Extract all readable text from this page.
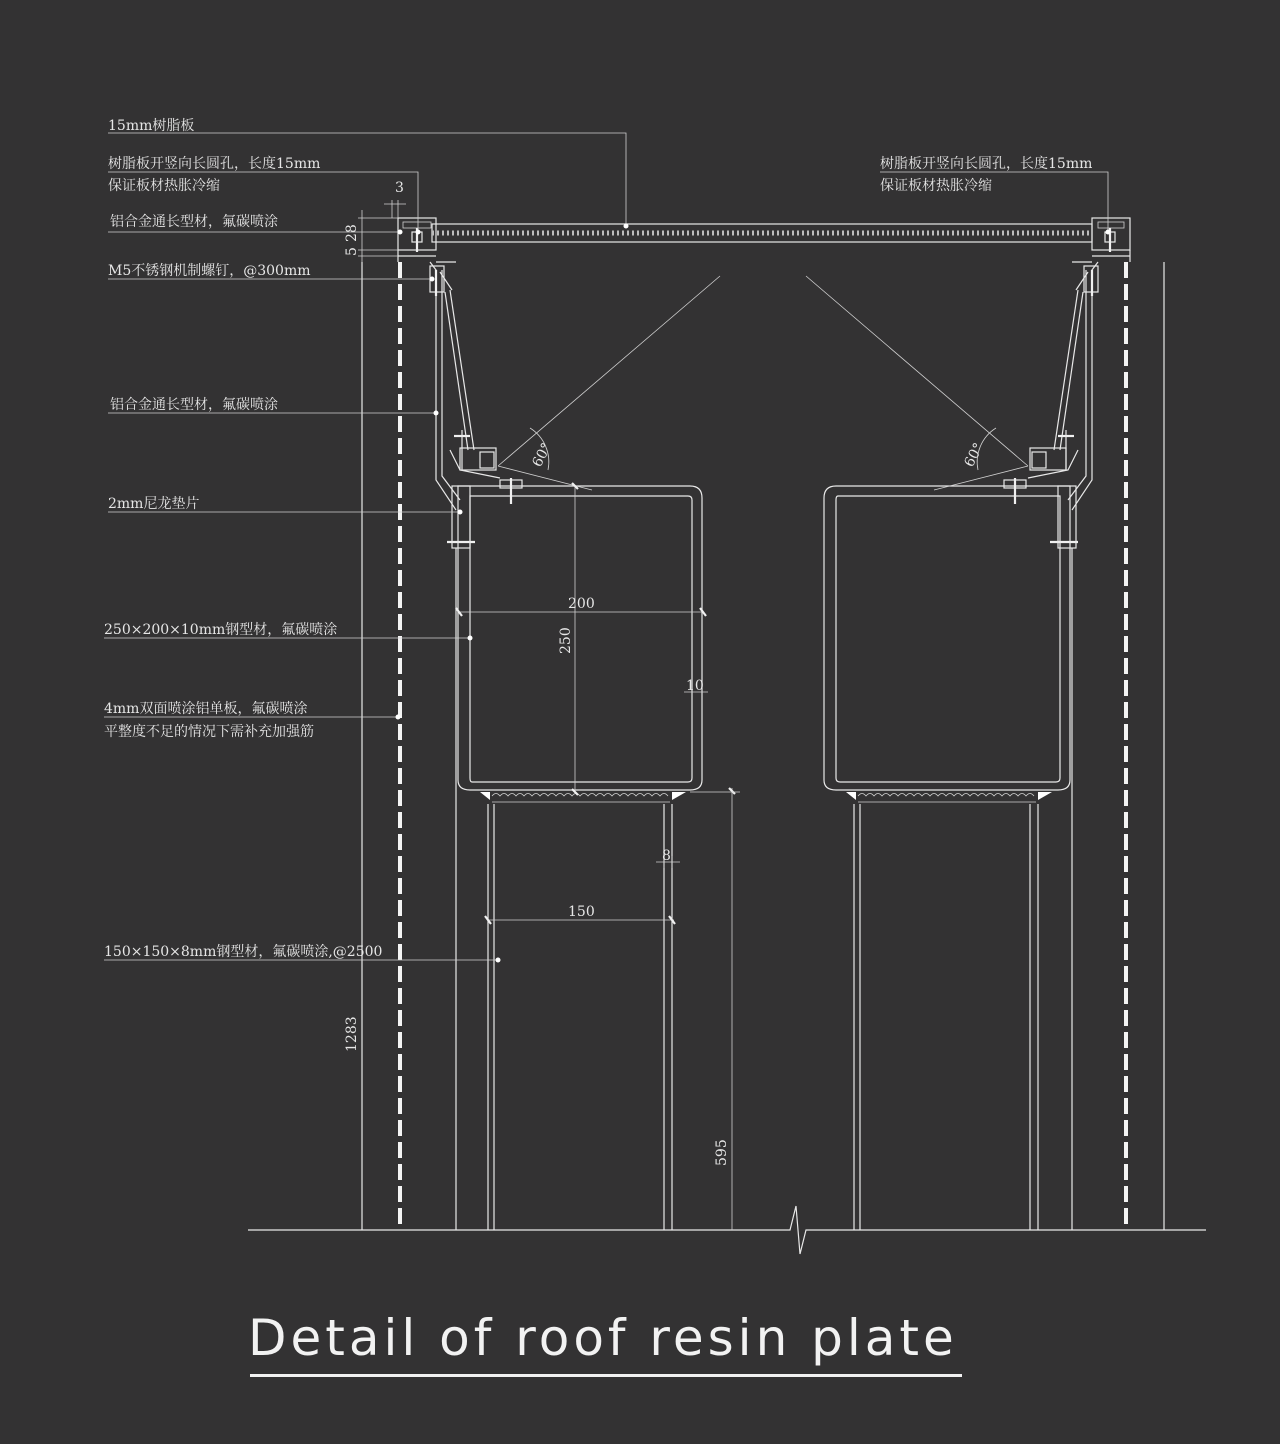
3
5
28
200
250
10
8
150
1283
595
60°	60°
15mm树脂板
树脂板开竖向长圆孔，长度15mm
保证板材热胀冷缩
铝合金通长型材，氟碳喷涂
M5不锈钢机制螺钉，@300mm
铝合金通长型材，氟碳喷涂
2mm尼龙垫片
250×200×10mm钢型材，氟碳喷涂
4mm双面喷涂铝单板，氟碳喷涂
平整度不足的情况下需补充加强筋
150×150×8mm钢型材，氟碳喷涂,@2500
树脂板开竖向长圆孔，长度15mm
保证板材热胀冷缩
Detail of roof resin plate
